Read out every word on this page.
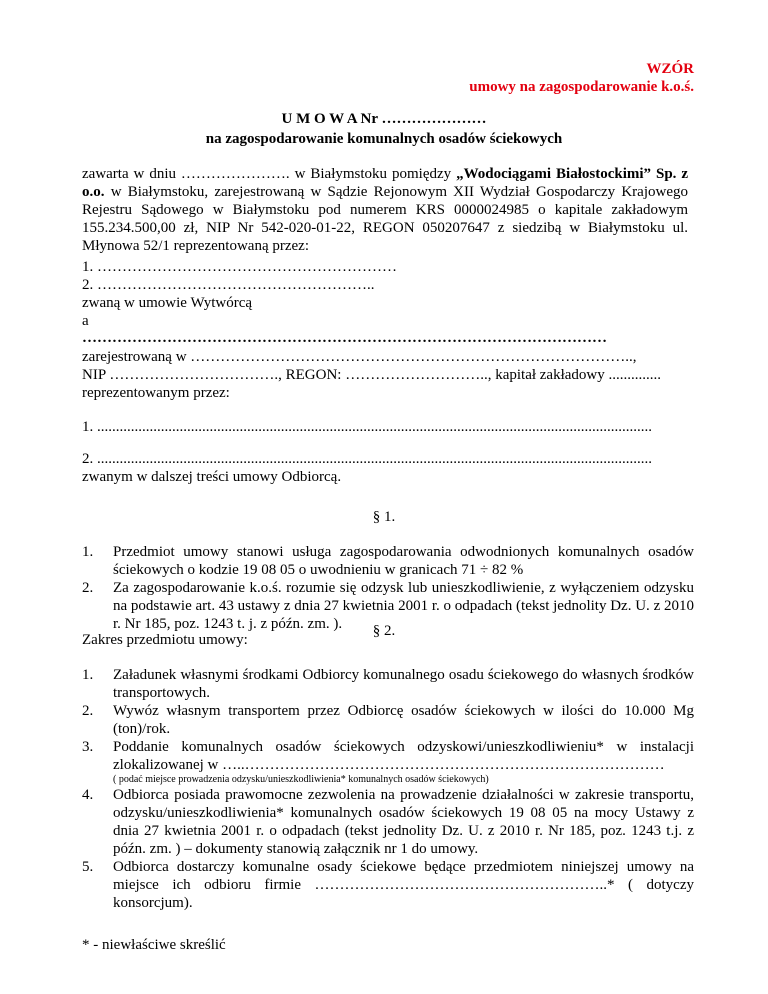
WZÓR
umowy na zagospodarowanie k.o.ś.
U M O W A Nr …………………
na zagospodarowanie komunalnych osadów ściekowych
zawarta w dniu …………………. w Białymstoku pomiędzy „Wodociągami Białostockimi” Sp. z o.o. w Białymstoku, zarejestrowaną w Sądzie Rejonowym XII Wydział Gospodarczy Krajowego Rejestru Sądowego w Białymstoku pod numerem KRS 0000024985 o kapitale zakładowym 155.234.500,00 zł, NIP Nr 542-020-01-22, REGON 050207647 z siedzibą w Białymstoku ul. Młynowa 52/1 reprezentowaną przez:
1. ……………………………………………………
2. ………………………………………………..
zwaną w umowie Wytwórcą
a
……………………………………………………………………………………………
zarejestrowaną w ……………………………………………………………………………..,
NIP ……………………………., REGON: ……………………….., kapitał zakładowy ..............
reprezentowanym przez:
1. ....................................................................................................................................................
2. ....................................................................................................................................................
zwanym w dalszej treści umowy Odbiorcą.
§ 1.
1.	Przedmiot umowy stanowi usługa zagospodarowania odwodnionych komunalnych osadów ściekowych o kodzie 19 08 05 o uwodnieniu w granicach 71 ÷ 82 %
2.	Za zagospodarowanie k.o.ś. rozumie się odzysk lub unieszkodliwienie, z wyłączeniem odzysku na podstawie art. 43 ustawy z dnia 27 kwietnia 2001 r. o odpadach (tekst jednolity Dz. U. z 2010 r. Nr 185, poz. 1243 t. j. z późn. zm. ).	§ 2.
Zakres przedmiotu umowy:
1.	Załadunek własnymi środkami Odbiorcy komunalnego osadu ściekowego do własnych środków transportowych.
2.	Wywóz własnym transportem przez Odbiorcę osadów ściekowych w ilości do 10.000 Mg (ton)/rok.
3.	Poddanie komunalnych osadów ściekowych odzyskowi/unieszkodliwieniu* w instalacji zlokalizowanej w …..…………………………………………………………………………
( podać miejsce prowadzenia odzysku/unieszkodliwienia* komunalnych osadów ściekowych)
4.	Odbiorca posiada prawomocne zezwolenia na prowadzenie działalności w zakresie transportu, odzysku/unieszkodliwienia* komunalnych osadów ściekowych 19 08 05 na mocy Ustawy z dnia 27 kwietnia 2001 r. o odpadach (tekst jednolity Dz. U. z 2010 r. Nr 185, poz. 1243 t.j. z późn. zm. ) – dokumenty stanowią załącznik nr 1 do umowy.
5.	Odbiorca dostarczy komunalne osady ściekowe będące przedmiotem niniejszej umowy na miejsce ich odbioru firmie …………………………………………………..* ( dotyczy konsorcjum).
* - niewłaściwe skreślić
